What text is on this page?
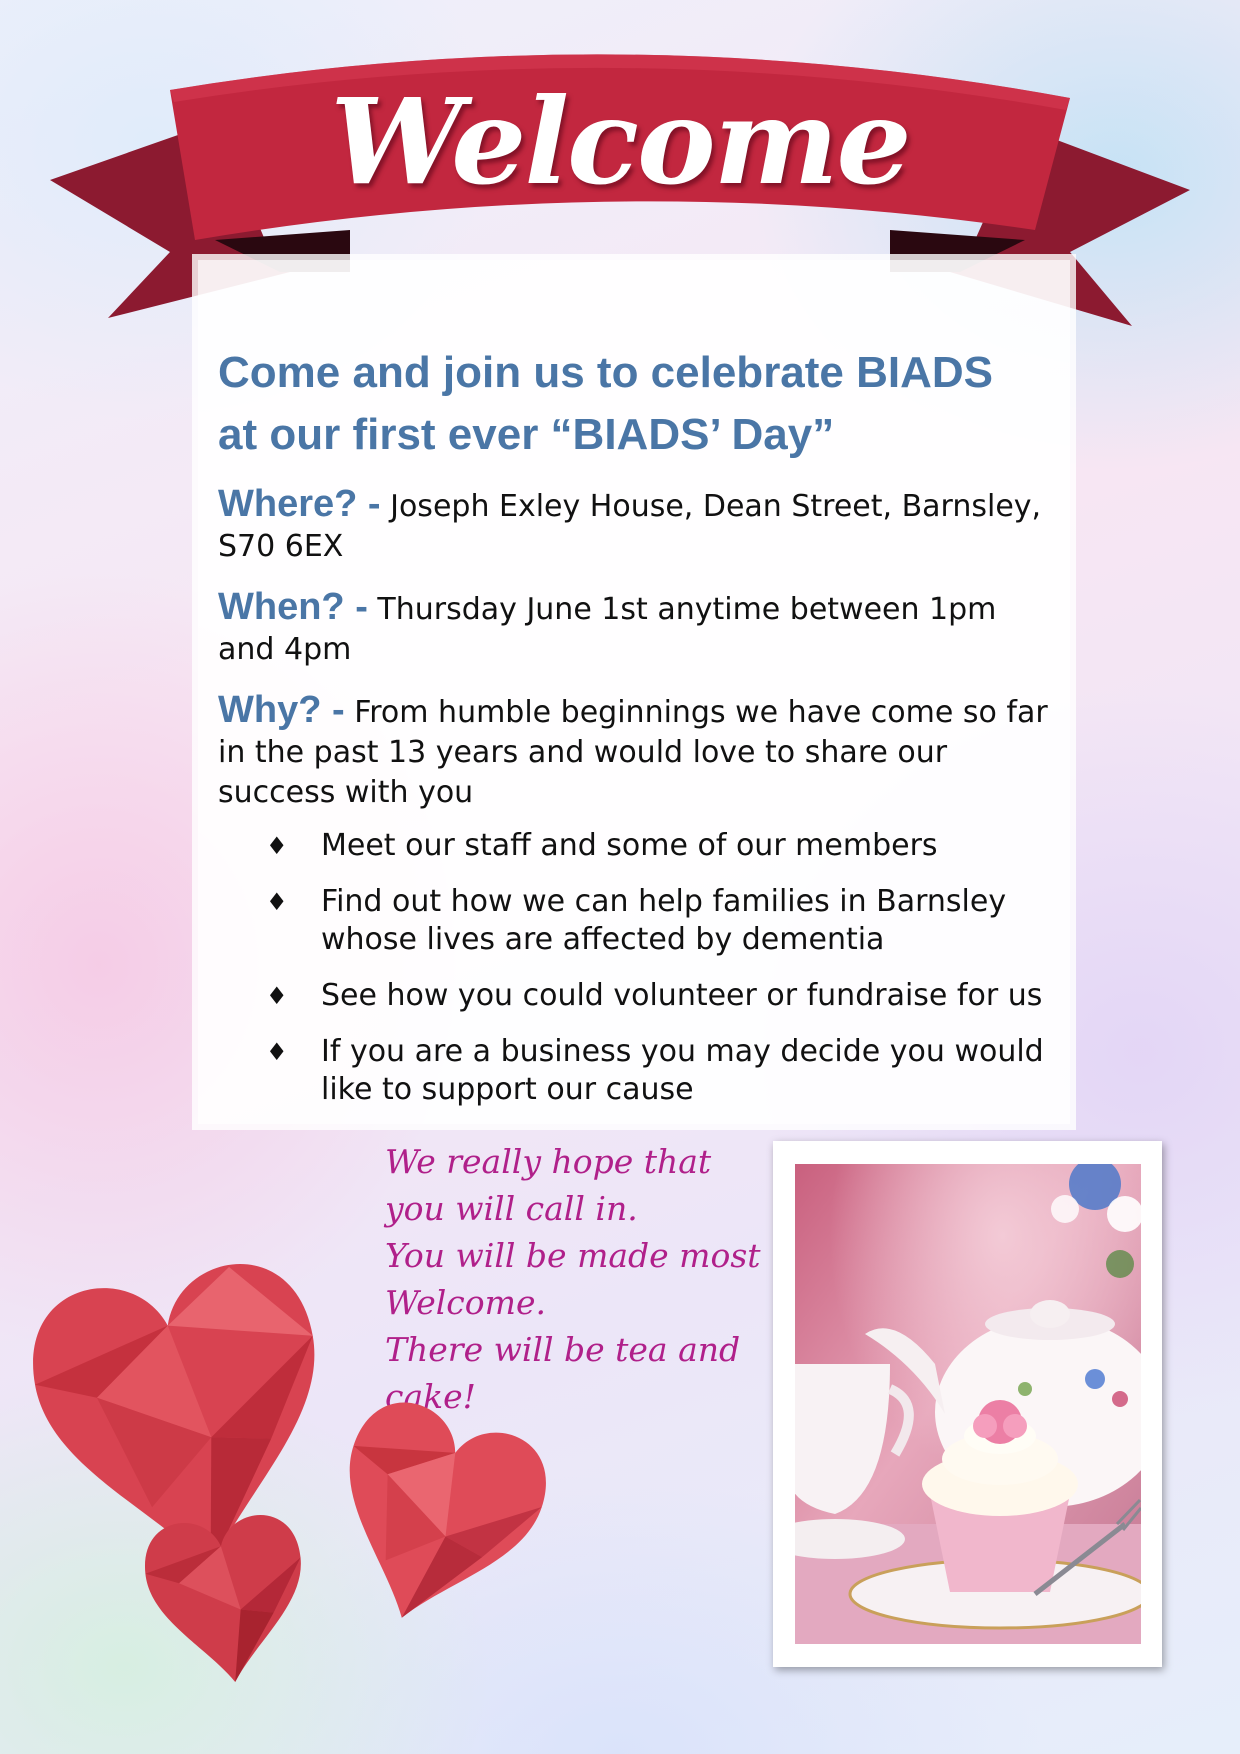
Welcome
Come and join us to celebrate BIADS
at our first ever “BIADS’ Day”

Where? - Joseph Exley House, Dean Street, Barnsley, S70 6EX

When? - Thursday June 1st anytime between 1pm and 4pm

Why? - From humble beginnings we have come so far in the past 13 years and would love to share our success with you

♦ Meet our staff and some of our members
♦ Find out how we can help families in Barnsley whose lives are affected by dementia
♦ See how you could volunteer or fundraise for us
♦ If you are a business you may decide you would like to support our cause
We really hope that
you will call in.
You will be made most
Welcome.
There will be tea and
cake!
